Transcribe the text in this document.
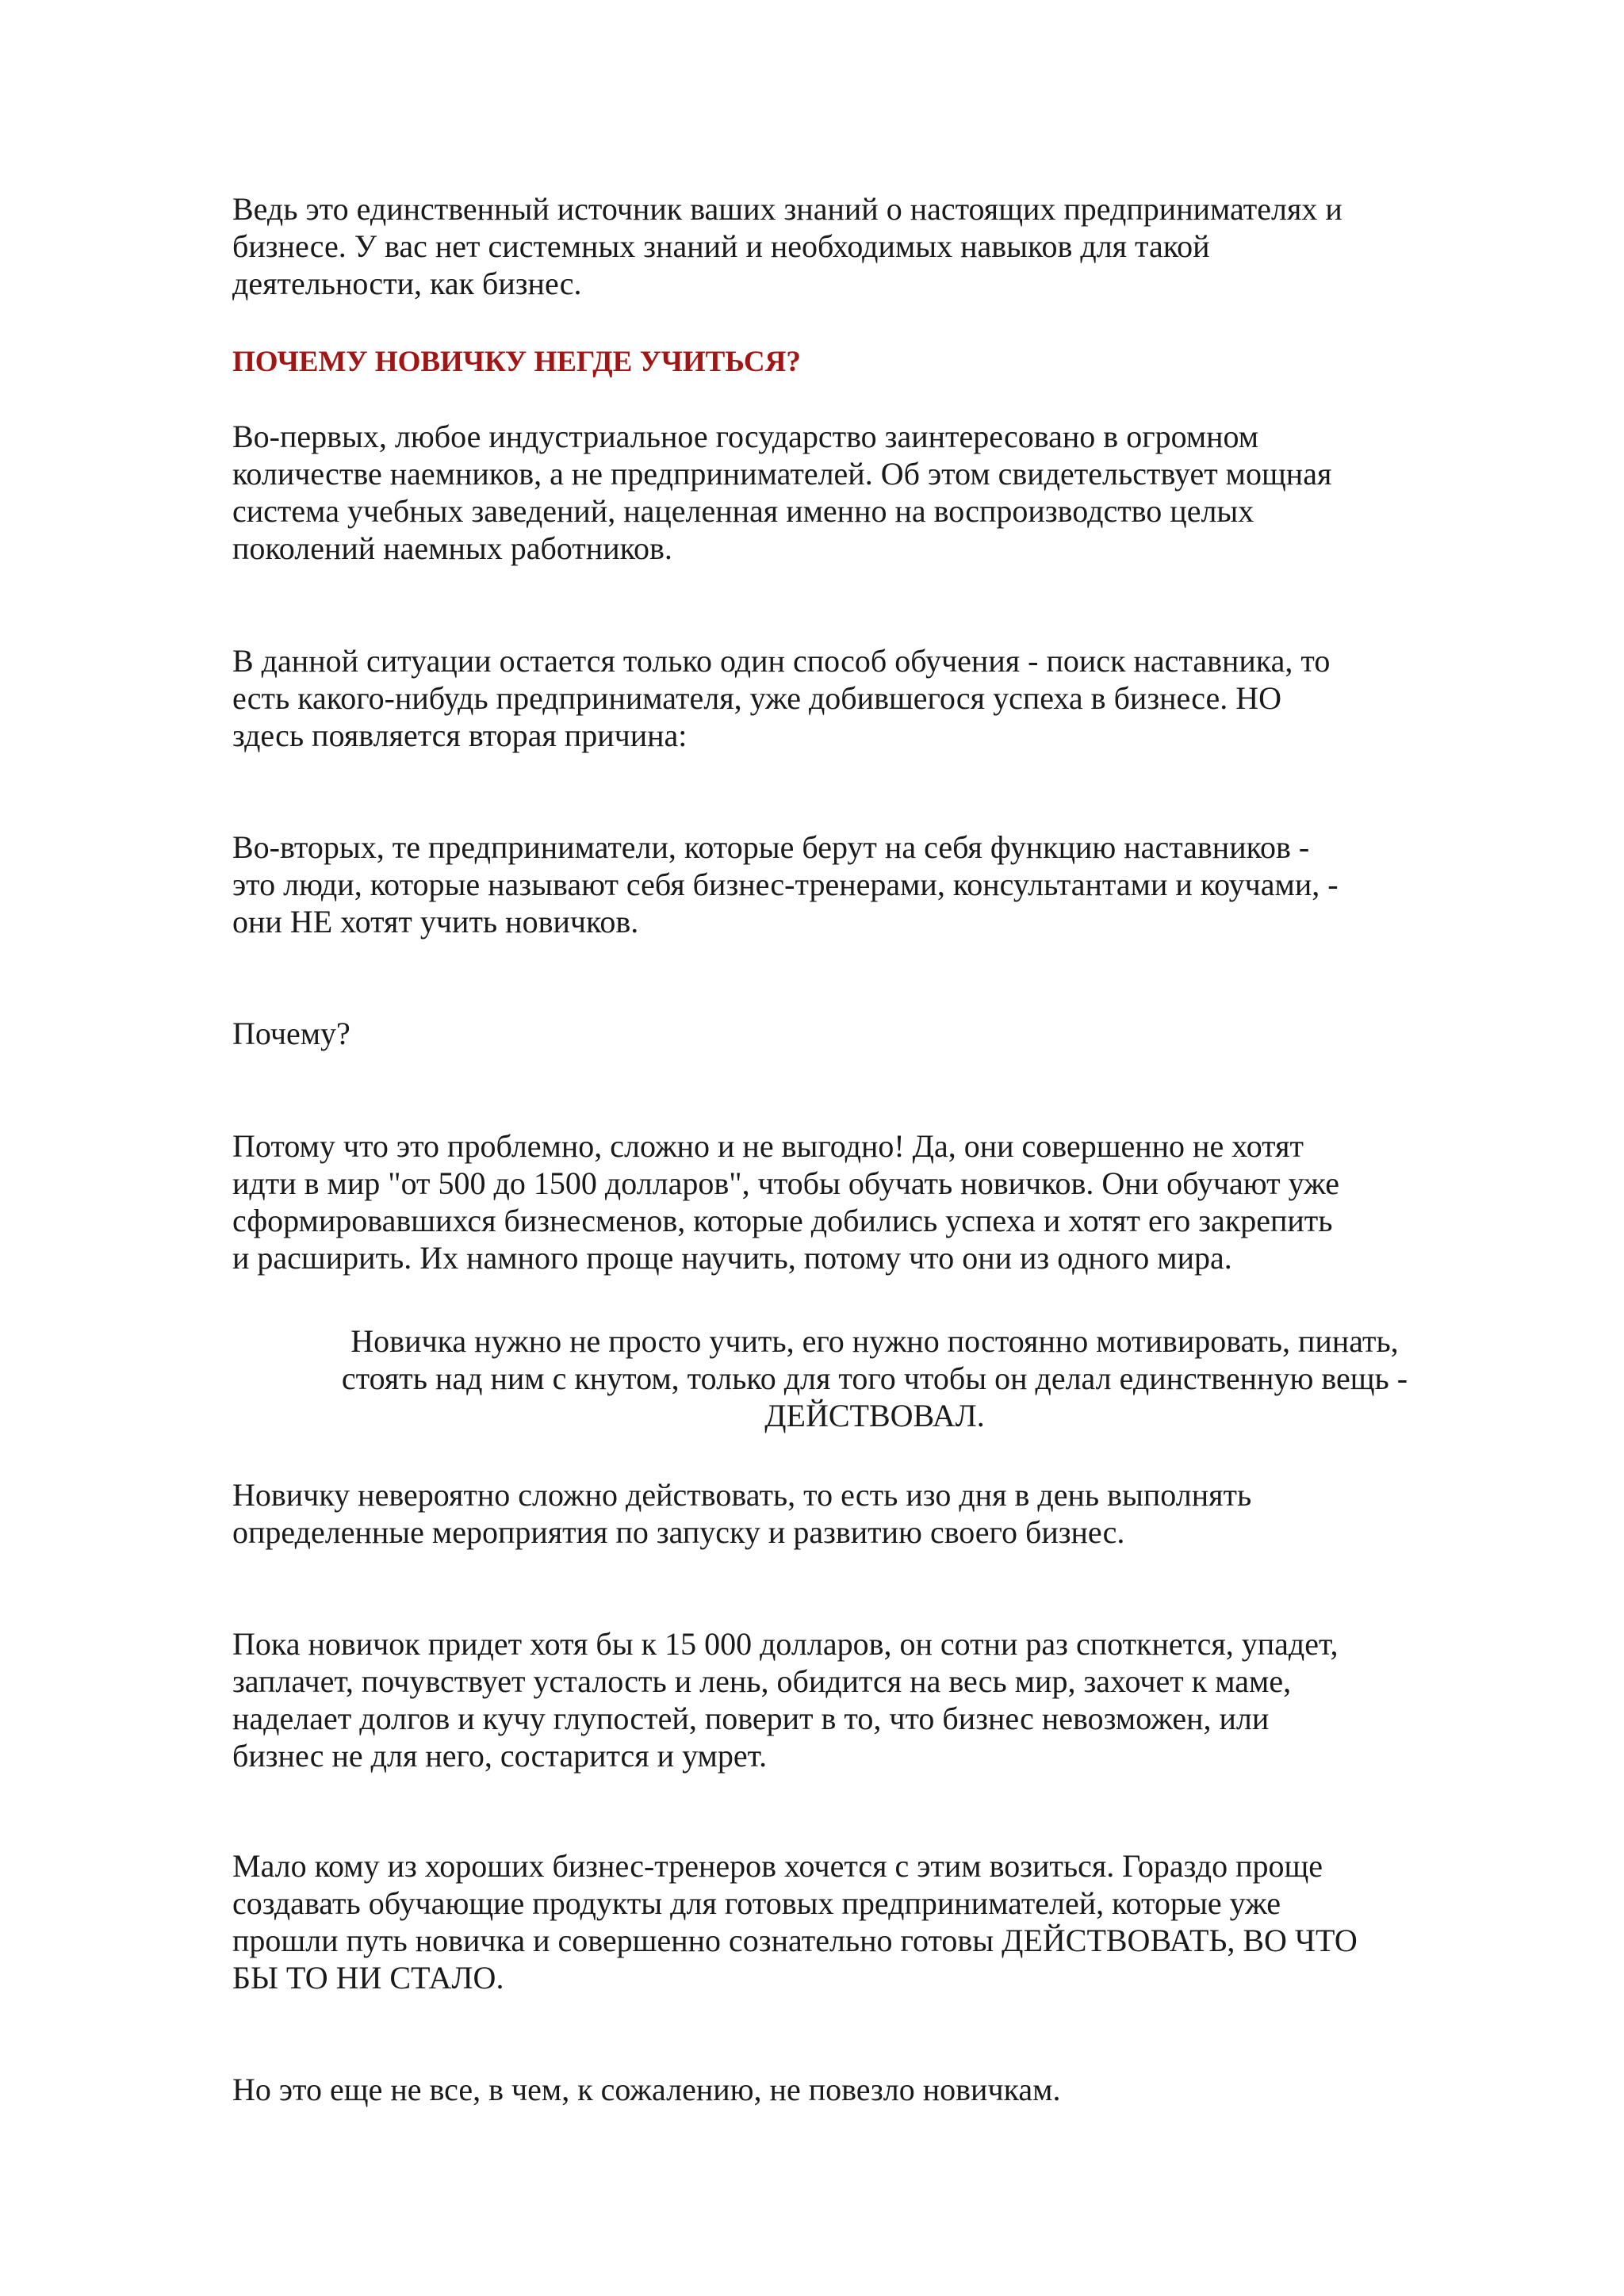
Ведь это единственный источник ваших знаний о настоящих предпринимателях и
бизнесе. У вас нет системных знаний и необходимых навыков для такой
деятельности, как бизнес.

ПОЧЕМУ НОВИЧКУ НЕГДЕ УЧИТЬСЯ?

Во-первых, любое индустриальное государство заинтересовано в огромном
количестве наемников, а не предпринимателей. Об этом свидетельствует мощная
система учебных заведений, нацеленная именно на воспроизводство целых
поколений наемных работников.

В данной ситуации остается только один способ обучения - поиск наставника, то
есть какого-нибудь предпринимателя, уже добившегося успеха в бизнесе. НО
здесь появляется вторая причина:

Во-вторых, те предприниматели, которые берут на себя функцию наставников -
это люди, которые называют себя бизнес-тренерами, консультантами и коучами, -
они НЕ хотят учить новичков.

Почему?

Потому что это проблемно, сложно и не выгодно! Да, они совершенно не хотят
идти в мир "от 500 до 1500 долларов", чтобы обучать новичков. Они обучают уже
сформировавшихся бизнесменов, которые добились успеха и хотят его закрепить
и расширить. Их намного проще научить, потому что они из одного мира.

Новичка нужно не просто учить, его нужно постоянно мотивировать, пинать,
стоять над ним с кнутом, только для того чтобы он делал единственную вещь -
ДЕЙСТВОВАЛ.

Новичку невероятно сложно действовать, то есть изо дня в день выполнять
определенные мероприятия по запуску и развитию своего бизнес.

Пока новичок придет хотя бы к 15 000 долларов, он сотни раз споткнется, упадет,
заплачет, почувствует усталость и лень, обидится на весь мир, захочет к маме,
наделает долгов и кучу глупостей, поверит в то, что бизнес невозможен, или
бизнес не для него, состарится и умрет.

Мало кому из хороших бизнес-тренеров хочется с этим возиться. Гораздо проще
создавать обучающие продукты для готовых предпринимателей, которые уже
прошли путь новичка и совершенно сознательно готовы ДЕЙСТВОВАТЬ, ВО ЧТО
БЫ ТО НИ СТАЛО.

Но это еще не все, в чем, к сожалению, не повезло новичкам.
